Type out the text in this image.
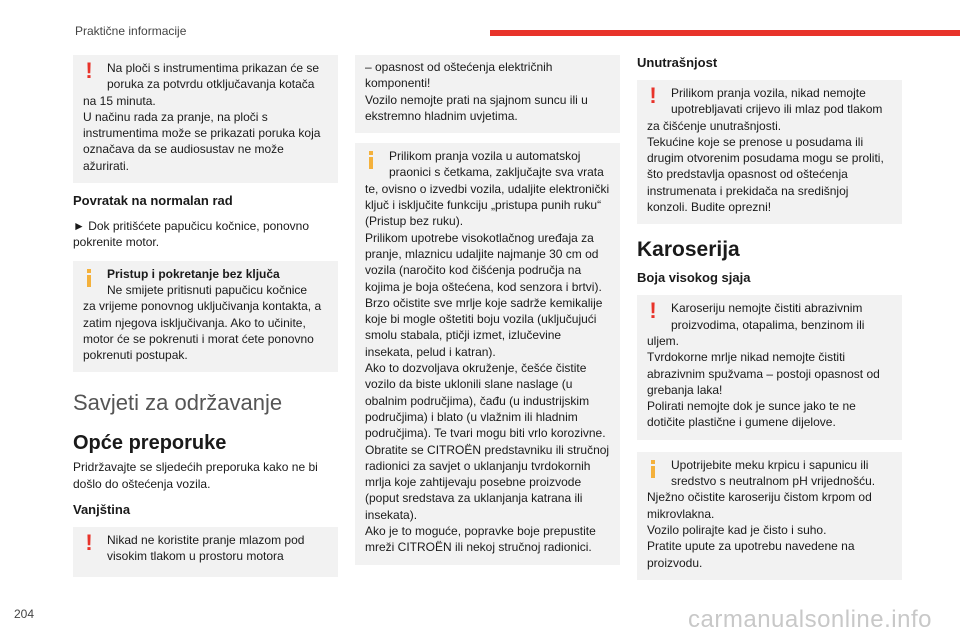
Praktične informacije
!	Na ploči s instrumentima prikazan će se poruka za potvrdu otključavanja kotača

na 15 minuta.
U načinu rada za pranje, na ploči s instrumentima može se prikazati poruka koja označava da se audiosustav ne može ažurirati.

Povratak na normalan rad

► Dok pritišćete papučicu kočnice, ponovno pokrenite motor.

Pristup i pokretanje bez ključa

Ne smijete pritisnuti papučicu kočnice

za vrijeme ponovnog uključivanja kontakta, a zatim njegova isključivanja. Ako to učinite, motor će se pokrenuti i morat ćete ponovno pokrenuti postupak.

Savjeti za održavanje

Opće preporuke

Pridržavajte se sljedećih preporuka kako ne bi došlo do oštećenja vozila.

Vanjština

!	Nikad ne koristite pranje mlazom pod visokim tlakom u prostoru motora

– opasnost od oštećenja električnih komponenti!
Vozilo nemojte prati na sjajnom suncu ili u ekstremno hladnim uvjetima.

Prilikom pranja vozila u automatskoj praonici s četkama, zaključajte sva vrata

te, ovisno o izvedbi vozila, udaljite elektronički ključ i isključite funkciju „pristupa punih ruku“ (Pristup bez ruku).
Prilikom upotrebe visokotlačnog uređaja za pranje, mlaznicu udaljite najmanje 30 cm od vozila (naročito kod čišćenja područja na kojima je boja oštećena, kod senzora i brtvi).
Brzo očistite sve mrlje koje sadrže kemikalije koje bi mogle oštetiti boju vozila (uključujući smolu stabala, ptičji izmet, izlučevine insekata, pelud i katran).
Ako to dozvoljava okruženje, češće čistite vozilo da biste uklonili slane naslage (u obalnim područjima), čađu (u industrijskim područjima) i blato (u vlažnim ili hladnim područjima). Te tvari mogu biti vrlo korozivne.
Obratite se CITROËN predstavniku ili stručnoj radionici za savjet o uklanjanju tvrdokornih mrlja koje zahtijevaju posebne proizvode (poput sredstava za uklanjanja katrana ili insekata).
Ako je to moguće, popravke boje prepustite mreži CITROËN ili nekoj stručnoj radionici.

Unutrašnjost

!	Prilikom pranja vozila, nikad nemojte upotrebljavati crijevo ili mlaz pod tlakom

za čišćenje unutrašnjosti.
Tekućine koje se prenose u posudama ili drugim otvorenim posudama mogu se proliti, što predstavlja opasnost od oštećenja instrumenata i prekidača na središnjoj konzoli. Budite oprezni!

Karoserija

Boja visokog sjaja

!	Karoseriju nemojte čistiti abrazivnim proizvodima, otapalima, benzinom ili

uljem.
Tvrdokorne mrlje nikad nemojte čistiti abrazivnim spužvama – postoji opasnost od grebanja laka!
Polirati nemojte dok je sunce jako te ne dotičite plastične i gumene dijelove.

Upotrijebite meku krpicu i sapunicu ili sredstvo s neutralnom pH vrijednošću.

Nježno očistite karoseriju čistom krpom od mikrovlakna.
Vozilo polirajte kad je čisto i suho.
Pratite upute za upotrebu navedene na proizvodu.

204	carmanualsonline.info
